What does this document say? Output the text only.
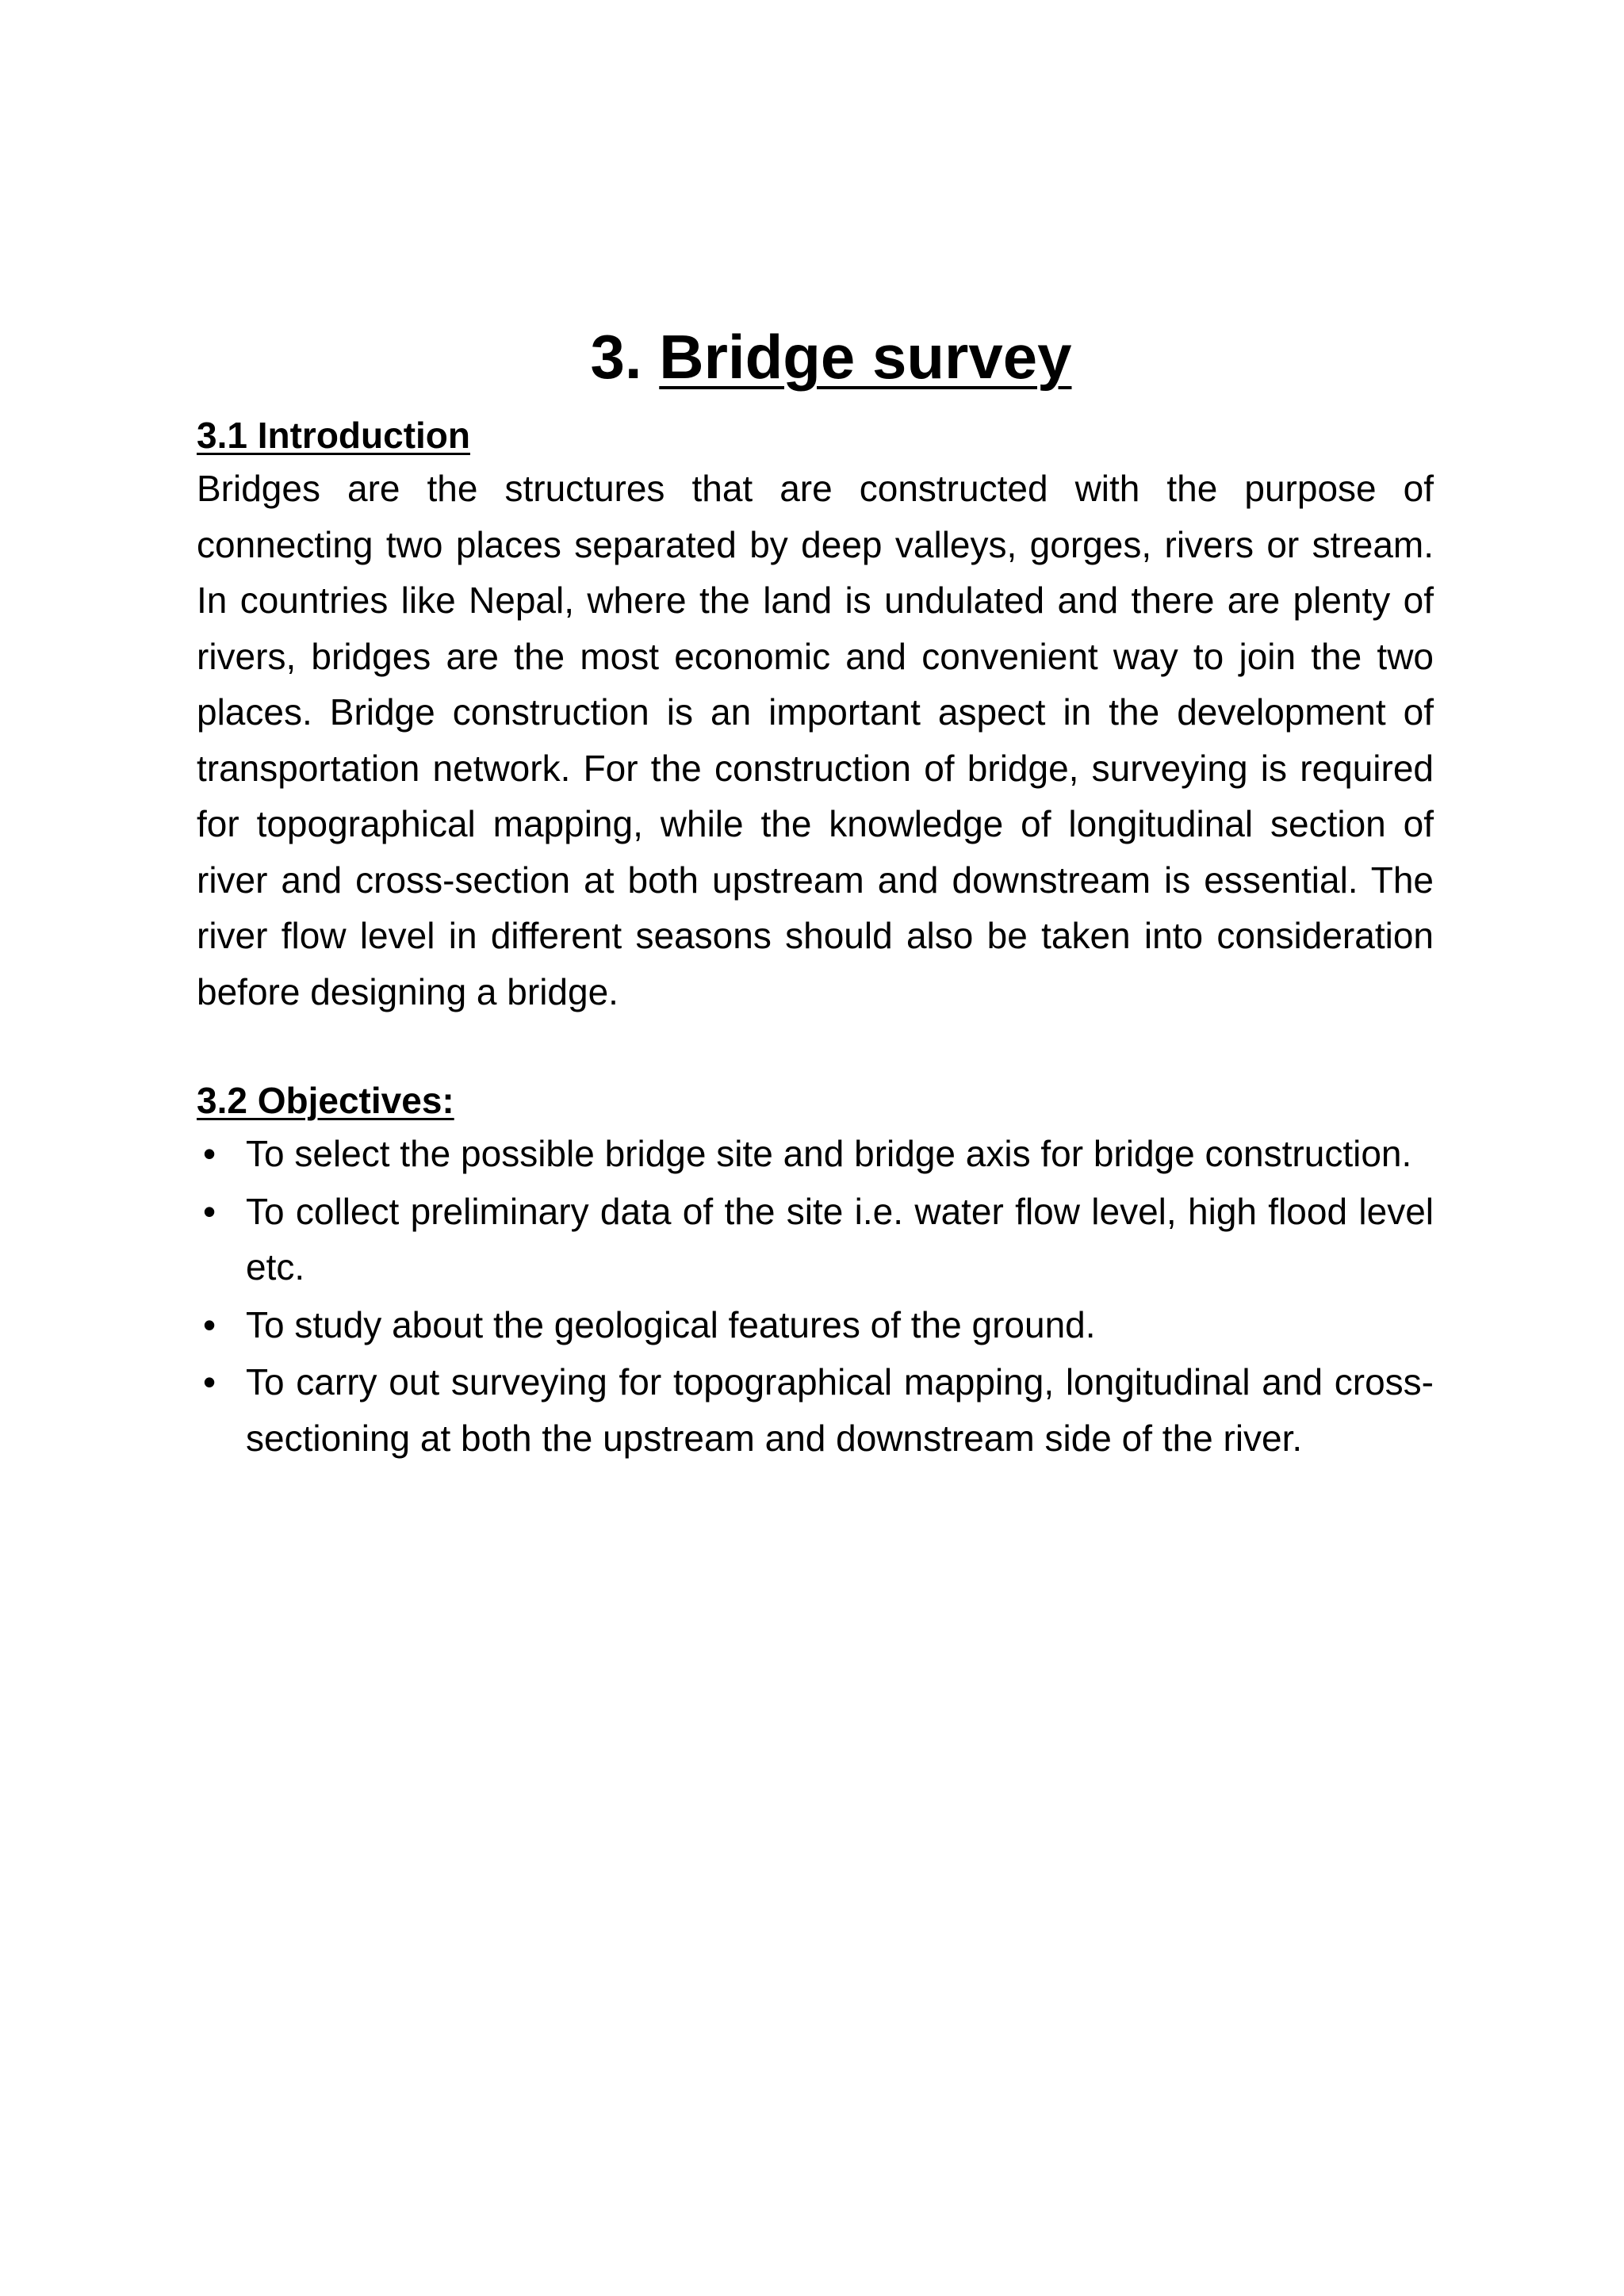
3. Bridge survey
3.1 Introduction

Bridges are the structures that are constructed with the purpose of connecting two places separated by deep valleys, gorges, rivers or stream. In countries like Nepal, where the land is undulated and there are plenty of rivers, bridges are the most economic and convenient way to join the two places. Bridge construction is an important aspect in the development of transportation network. For the construction of bridge, surveying is required for topographical mapping, while the knowledge of longitudinal section of river and cross-section at both upstream and downstream is essential. The river flow level in different seasons should also be taken into consideration before designing a bridge.

3.2 Objectives:
• To select the possible bridge site and bridge axis for bridge construction.
• To collect preliminary data of the site i.e. water flow level, high flood level etc.
• To study about the geological features of the ground.
• To carry out surveying for topographical mapping, longitudinal and cross- sectioning at both the upstream and downstream side of the river.
